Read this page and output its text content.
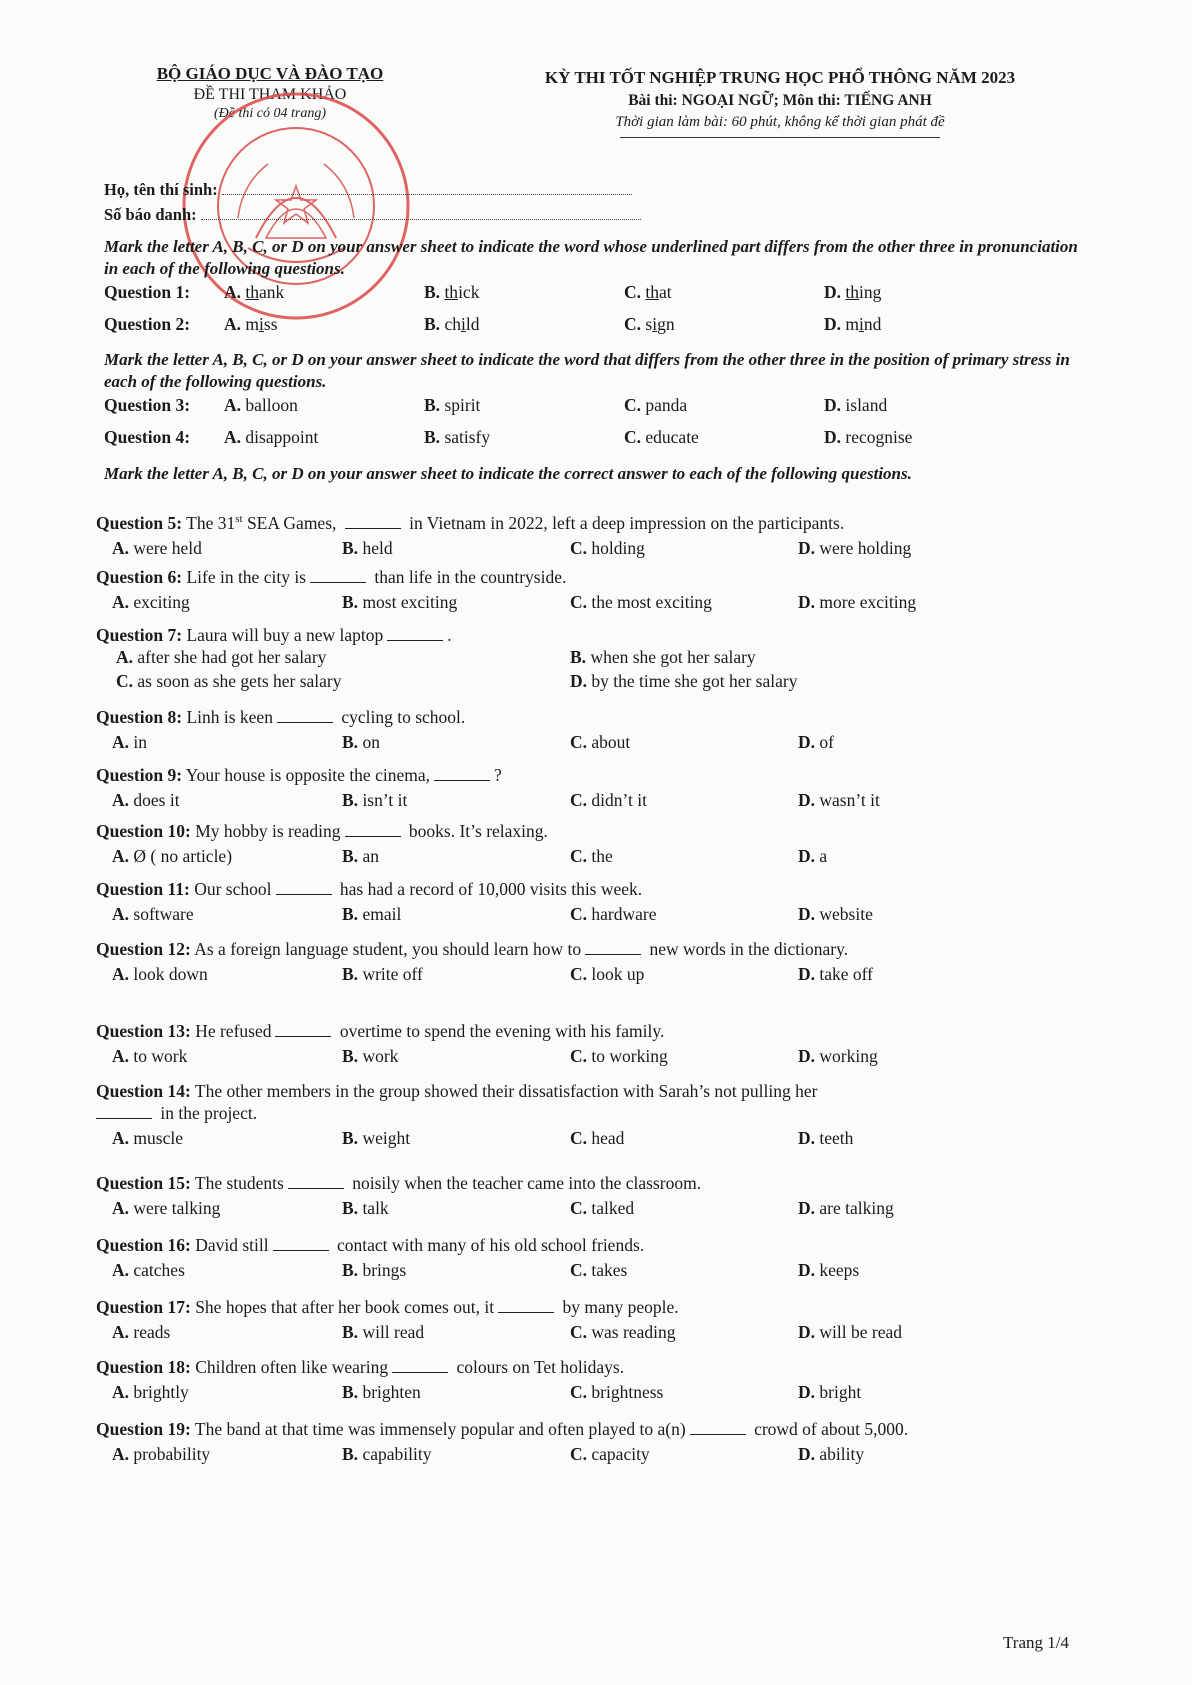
BỘ GIÁO DỤC VÀ ĐÀO TẠO
ĐỀ THI THAM KHẢO
(Đề thi có 04 trang)
KỲ THI TỐT NGHIỆP TRUNG HỌC PHỔ THÔNG NĂM 2023
Bài thi: NGOẠI NGỮ; Môn thi: TIẾNG ANH
Thời gian làm bài: 60 phút, không kể thời gian phát đề
Họ, tên thí sinh:
Số báo danh:
Mark the letter A, B, C, or D on your answer sheet to indicate the word whose underlined part differs from the other three in pronunciation in each of the following questions.
Question 1: A. thank	B. thick	C. that	D. thing
Question 2: A. miss	B. child	C. sign	D. mind
Mark the letter A, B, C, or D on your answer sheet to indicate the word that differs from the other three in the position of primary stress in each of the following questions.
Question 3: A. balloon	B. spirit	C. panda	D. island
Question 4: A. disappoint	B. satisfy	C. educate	D. recognise
Mark the letter A, B, C, or D on your answer sheet to indicate the correct answer to each of the following questions.
Question 5: The 31st SEA Games,	in Vietnam in 2022, left a deep impression on the participants.
A. were held	B. held	C. holding	D. were holding
Question 6: Life in the city is	than life in the countryside.
A. exciting	B. most exciting	C. the most exciting	D. more exciting
Question 8: Linh is keen	cycling to school.
A. in	B. on	C. about	D. of
Question 9: Your house is opposite the cinema,	?
A. does it	B. isn’t it	C. didn’t it	D. wasn’t it
Question 10: My hobby is reading	books. It’s relaxing.
A. Ø ( no article)	B. an	C. the	D. a
Question 11: Our school	has had a record of 10,000 visits this week.
A. software	B. email	C. hardware	D. website
Question 13: He refused	overtime to spend the evening with his family.
A. to work	B. work	C. to working	D. working
Question 15: The students	noisily when the teacher came into the classroom.
A. were talking	B. talk	C. talked	D. are talking
Question 16: David still	contact with many of his old school friends.
A. catches	B. brings	C. takes	D. keeps
Question 17: She hopes that after her book comes out, it	by many people.
A. reads	B. will read	C. was reading	D. will be read
Question 18: Children often like wearing	colours on Tet holidays.
A. brightly	B. brighten	C. brightness	D. bright
Question 7: Laura will buy a new laptop	.
A. after she had got her salary	B. when she got her salary
C. as soon as she gets her salary	D. by the time she got her salary
Question 12: As a foreign language student, you should learn how to	new words in the dictionary.
A. look down	B. write off	C. look up	D. take off
Question 19: The band at that time was immensely popular and often played to a(n)	crowd of about 5,000.
A. probability	B. capability	C. capacity	D. ability
Question 14: The other members in the group showed their dissatisfaction with Sarah’s not pulling her
in the project.
A. muscle	B. weight	C. head	D. teeth
Trang 1/4
